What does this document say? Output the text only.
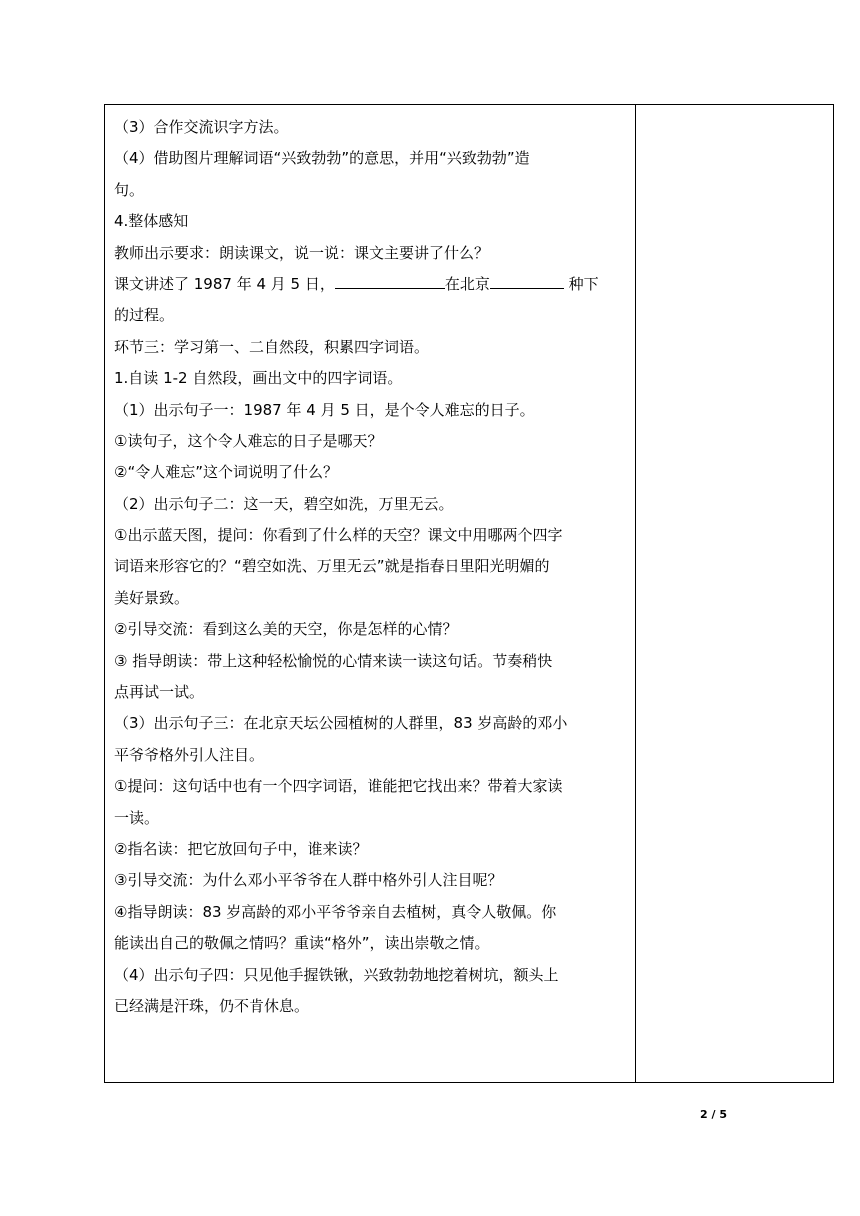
（3）合作交流识字方法。
（4）借助图片理解词语“兴致勃勃”的意思，并用“兴致勃勃”造
句。
4.整体感知
教师出示要求：朗读课文，说一说：课文主要讲了什么？
课文讲述了 1987 年 4 月 5 日，	在北京	种下
的过程。
环节三：学习第一、二自然段，积累四字词语。
1.自读 1-2 自然段，画出文中的四字词语。
（1）出示句子一：1987 年 4 月 5 日，是个令人难忘的日子。
①读句子，这个令人难忘的日子是哪天？
②“令人难忘”这个词说明了什么？
（2）出示句子二：这一天，碧空如洗，万里无云。
①出示蓝天图，提问：你看到了什么样的天空？课文中用哪两个四字
词语来形容它的？“碧空如洗、万里无云”就是指春日里阳光明媚的
美好景致。
②引导交流：看到这么美的天空，你是怎样的心情？
③ 指导朗读：带上这种轻松愉悦的心情来读一读这句话。节奏稍快
点再试一试。
（3）出示句子三：在北京天坛公园植树的人群里，83 岁高龄的邓小
平爷爷格外引人注目。
①提问：这句话中也有一个四字词语，谁能把它找出来？带着大家读
一读。
②指名读：把它放回句子中，谁来读？
③引导交流：为什么邓小平爷爷在人群中格外引人注目呢？
④指导朗读：83 岁高龄的邓小平爷爷亲自去植树，真令人敬佩。你
能读出自己的敬佩之情吗？重读“格外”，读出崇敬之情。
（4）出示句子四：只见他手握铁锹，兴致勃勃地挖着树坑，额头上
已经满是汗珠，仍不肯休息。
2 / 5
